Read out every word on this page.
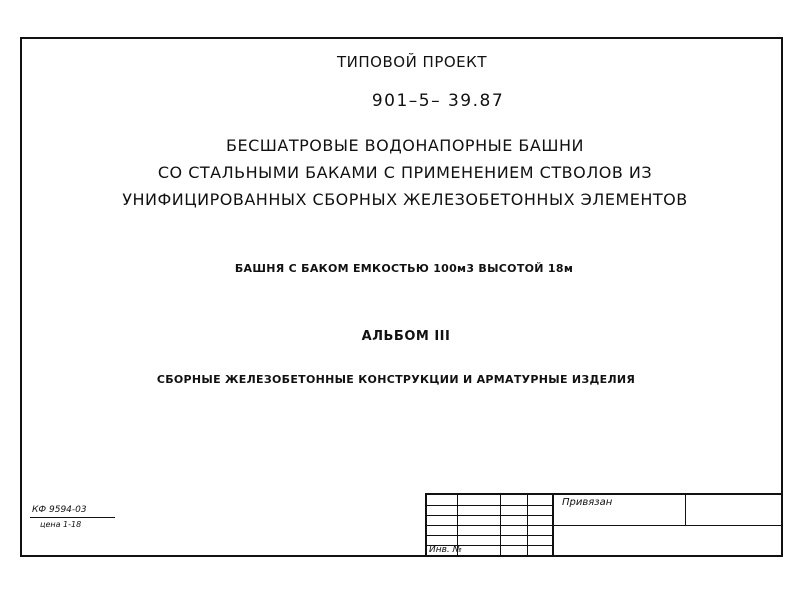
ТИПОВОЙ ПРОЕКТ
901–5– 39.87
БЕСШАТРОВЫЕ ВОДОНАПОРНЫЕ БАШНИ
СО СТАЛЬНЫМИ БАКАМИ С ПРИМЕНЕНИЕМ СТВОЛОВ ИЗ
УНИФИЦИРОВАННЫХ СБОРНЫХ ЖЕЛЕЗОБЕТОННЫХ ЭЛЕМЕНТОВ
БАШНЯ С БАКОМ ЕМКОСТЬЮ 100м3 ВЫСОТОЙ 18м
АЛЬБОМ III
СБОРНЫЕ ЖЕЛЕЗОБЕТОННЫЕ КОНСТРУКЦИИ И АРМАТУРНЫЕ ИЗДЕЛИЯ
КФ 9594-03
цена 1-18
Привязан
Инв. №
